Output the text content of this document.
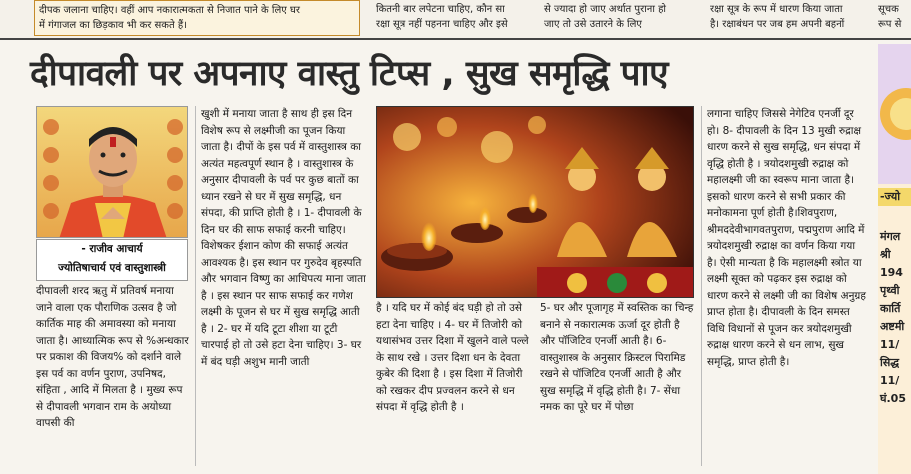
दीपक जलाना चाहिए। वहीं आप नकारात्मकता से निजात पाने के लिए घर
में गंगाजल का छिड़काव भी कर सकते हैं।
कितनी बार लपेटना चाहिए, कौन सा
रक्षा सूत्र नहीं पहनना चाहिए और इसे
से ज्यादा हो जाए अर्थात पुराना हो
जाए तो उसे उतारने के लिए
रक्षा सूत्र के रूप में धारण किया जाता
है। रक्षाबंधन पर जब हम अपनी बहनों
सूचक
रूप से
दीपावली पर अपनाए वास्तु टिप्स , सुख समृद्धि पाए
- राजीव आचार्य
ज्योतिषाचार्य एवं वास्तुशास्त्री

दीपावली शरद ऋतु में प्रतिवर्ष मनाया जाने वाला एक पौराणिक उत्सव है जो कार्तिक माह की अमावस्या को मनाया जाता है। आध्यात्मिक रूप से %अन्धकार पर प्रकाश की विजय% को दर्शाने वाले इस पर्व का वर्णन पुराण, उपनिषद, संहिता , आदि में मिलता है । मुख्य रूप से दीपावली भगवान राम के अयोध्या वापसी की

खुशी में मनाया जाता है साथ ही इस दिन विशेष रूप से लक्ष्मीजी का पूजन किया जाता है। दीपों के इस पर्व में वास्तुशास्त्र का अत्यंत महत्वपूर्ण स्थान है । वास्तुशास्त्र के अनुसार दीपावली के पर्व पर कुछ बातों का ध्यान रखने से घर में सुख समृद्धि, धन संपदा, की प्राप्ति होती है । 1- दीपावली के दिन घर की साफ सफाई करनी चाहिए। विशेषकर ईशान कोण की सफाई अत्यंत आवश्यक है। इस स्थान पर गुरुदेव बृहस्पति और भगवान विष्णु का आधिपत्य माना जाता है । इस स्थान पर साफ सफाई कर गणेश लक्ष्मी के पूजन से घर में सुख समृद्धि आती है । 2- घर में यदि टूटा शीशा या टूटी चारपाई हो तो उसे हटा देना चाहिए। 3- घर में बंद घड़ी अशुभ मानी जाती

है । यदि घर में कोई बंद घड़ी हो तो उसे हटा देना चाहिए । 4- घर में तिजोरी को यथासंभव उत्तर दिशा में खुलने वाले पल्ले के साथ रखे । उत्तर दिशा धन के देवता कुबेर की दिशा है । इस दिशा में तिजोरी को रखकर दीप प्रज्वलन करने से धन संपदा में वृद्धि होती है ।

5- घर और पूजागृह में स्वस्तिक का चिन्ह बनाने से नकारात्मक ऊर्जा दूर होती है और पॉजिटिव एनर्जी आती है। 6- वास्तुशास्त्र के अनुसार क्रिस्टल पिरामिड रखने से पॉजिटिव एनर्जी आती है और सुख समृद्धि में वृद्धि होती है। 7- सेंधा नमक का पूरे घर में पोछा

लगाना चाहिए जिससे नेगेटिव एनर्जी दूर हो। 8- दीपावली के दिन 13 मुखी रुद्राक्ष धारण करने से सुख समृद्धि, धन संपदा में वृद्धि होती है । त्रयोदशमुखी रुद्राक्ष को महालक्ष्मी जी का स्वरूप माना जाता है। इसको धारण करने से सभी प्रकार की मनोकामना पूर्ण होती है।शिवपुराण, श्रीमददेवीभागवतपुराण, पद्मपुराण आदि में त्रयोदशमुखी रुद्राक्ष का वर्णन किया गया है। ऐसी मान्यता है कि महालक्ष्मी स्त्रोत या लक्ष्मी सूक्त को पढ़कर इस रुद्राक्ष को धारण करने से लक्ष्मी जी का विशेष अनुग्रह प्राप्त होता है। दीपावली के दिन समस्त विधि विधानों से पूजन कर त्रयोदशमुखी रुद्राक्ष धारण करने से धन लाभ, सुख समृद्धि, प्राप्त होती है।

-ज्यो
मंगल
श्री
194
पृथ्वी
कार्ति
अष्टमी
11/
सिद्ध
11/
घं.05
